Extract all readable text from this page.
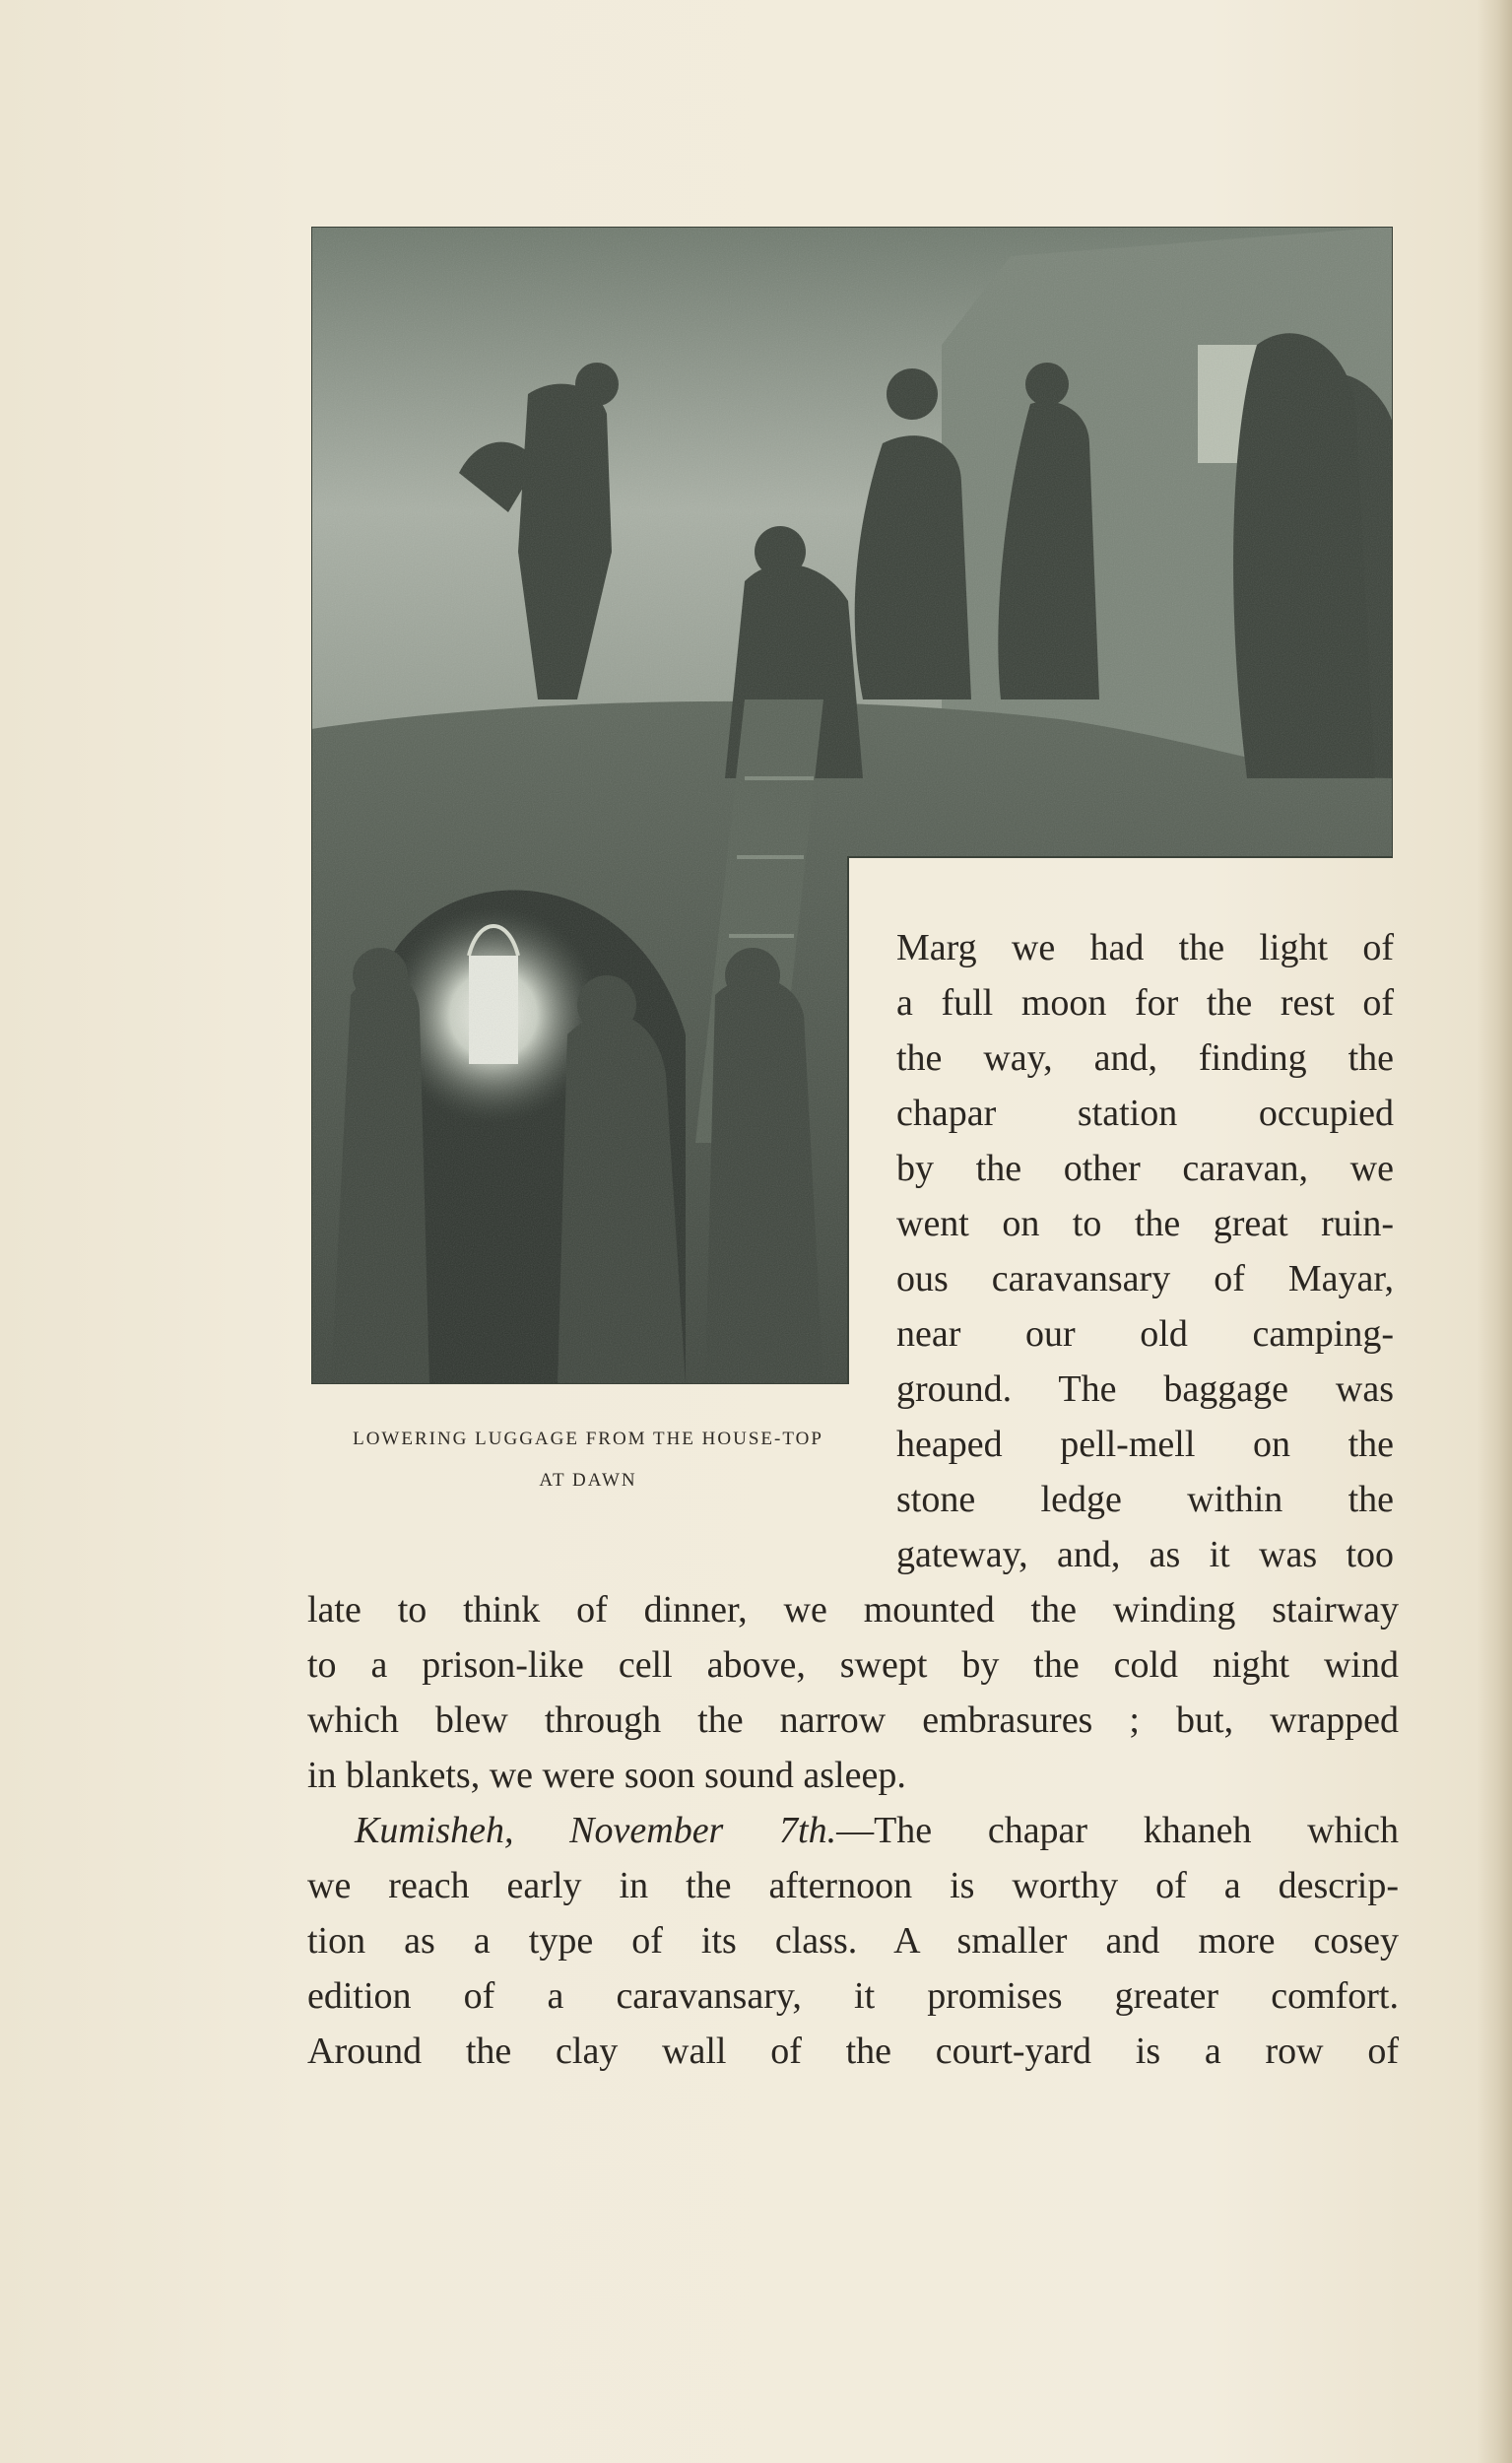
LOWERING LUGGAGE FROM THE HOUSE-TOP
AT DAWN
Marg we had the light of
a full moon for the rest of
the way, and, finding the
chapar station occupied
by the other caravan, we
went on to the great ruin-
ous caravansary of Mayar,
near our old camping-
ground. The baggage was
heaped pell-mell on the
stone ledge within the
gateway, and, as it was too
late to think of dinner, we mounted the winding stairway
to a prison-like cell above, swept by the cold night wind
which blew through the narrow embrasures ; but, wrapped
in blankets, we were soon sound asleep.
Kumisheh, November 7th.—The chapar khaneh which
we reach early in the afternoon is worthy of a descrip-
tion as a type of its class. A smaller and more cosey
edition of a caravansary, it promises greater comfort.
Around the clay wall of the court-yard is a row of
